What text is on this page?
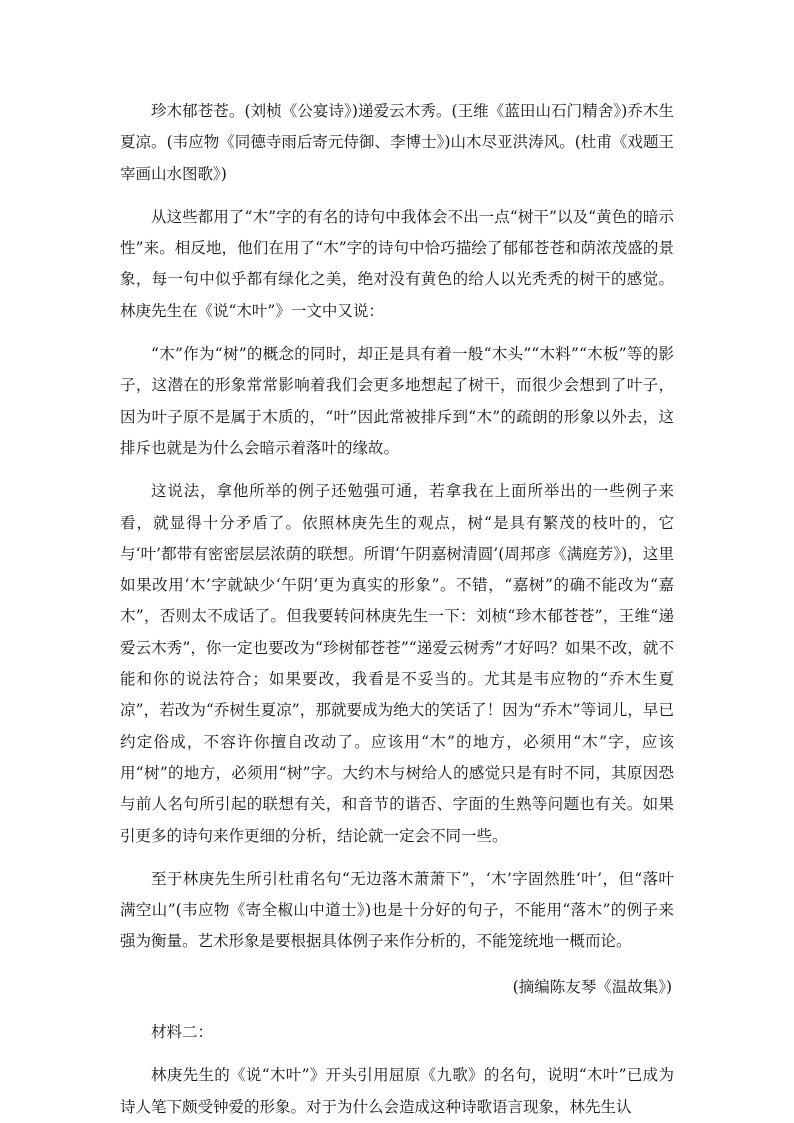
珍木郁苍苍。(刘桢《公宴诗》)递爱云木秀。(王维《蓝田山石门精舍》)乔木生夏凉。(韦应物《同德寺雨后寄元侍御、李博士》)山木尽亚洪涛风。(杜甫《戏题王宰画山水图歌》)

从这些都用了“木”字的有名的诗句中我体会不出一点“树干”以及“黄色的暗示性”来。相反地，他们在用了“木”字的诗句中恰巧描绘了郁郁苍苍和荫浓茂盛的景象，每一句中似乎都有绿化之美，绝对没有黄色的给人以光秃秃的树干的感觉。林庚先生在《说“木叶”》一文中又说：

“木”作为“树”的概念的同时，却正是具有着一般“木头”“木料”“木板”等的影子，这潜在的形象常常影响着我们会更多地想起了树干，而很少会想到了叶子，因为叶子原不是属于木质的，“叶”因此常被排斥到“木”的疏朗的形象以外去，这排斥也就是为什么会暗示着落叶的缘故。

这说法，拿他所举的例子还勉强可通，若拿我在上面所举出的一些例子来看，就显得十分矛盾了。依照林庚先生的观点，树“是具有繁茂的枝叶的，它与‘叶’都带有密密层层浓荫的联想。所谓‘午阴嘉树清圆’(周邦彦《满庭芳》)，这里如果改用‘木’字就缺少‘午阴’更为真实的形象”。不错，“嘉树”的确不能改为“嘉木”，否则太不成话了。但我要转问林庚先生一下：刘桢“珍木郁苍苍”，王维“递爱云木秀”，你一定也要改为“珍树郁苍苍”“递爱云树秀”才好吗？如果不改，就不能和你的说法符合；如果要改，我看是不妥当的。尤其是韦应物的“乔木生夏凉”，若改为“乔树生夏凉”，那就要成为绝大的笑话了！因为“乔木”等词儿，早已约定俗成，不容许你擅自改动了。应该用“木”的地方，必须用“木”字，应该用“树”的地方，必须用“树”字。大约木与树给人的感觉只是有时不同，其原因恐与前人名句所引起的联想有关，和音节的谐否、字面的生熟等问题也有关。如果引更多的诗句来作更细的分析，结论就一定会不同一些。

至于林庚先生所引杜甫名句“无边落木萧萧下”，‘木’字固然胜‘叶’，但“落叶满空山”(韦应物《寄全椒山中道士》)也是十分好的句子，不能用“落木”的例子来强为衡量。艺术形象是要根据具体例子来作分析的，不能笼统地一概而论。

(摘编陈友琴《温故集》)

材料二：

林庚先生的《说“木叶”》开头引用屈原《九歌》的名句，说明“木叶”已成为诗人笔下颇受钟爱的形象。对于为什么会造成这种诗歌语言现象，林先生认
